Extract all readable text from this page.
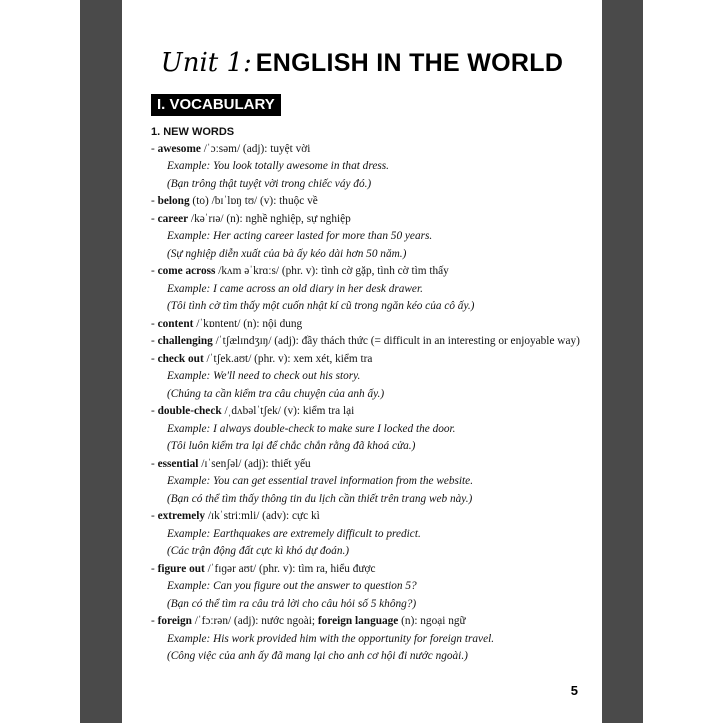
Unit 1: ENGLISH IN THE WORLD
I. VOCABULARY
1. NEW WORDS
- awesome /ˈɔːsəm/ (adj): tuyệt vời
Example: You look totally awesome in that dress.
(Bạn trông thật tuyệt vời trong chiếc váy đó.)
- belong (to) /bɪˈlɒŋ tʊ/ (v): thuộc về
- career /kəˈrɪə/ (n): nghề nghiệp, sự nghiệp
Example: Her acting career lasted for more than 50 years.
(Sự nghiệp diễn xuất của bà ấy kéo dài hơn 50 năm.)
- come across /kʌm əˈkrɑːs/ (phr. v): tình cờ gặp, tình cờ tìm thấy
Example: I came across an old diary in her desk drawer.
(Tôi tình cờ tìm thấy một cuốn nhật kí cũ trong ngăn kéo của cô ấy.)
- content /ˈkɒntent/ (n): nội dung
- challenging /ˈtʃælɪndʒɪŋ/ (adj): đầy thách thức (= difficult in an interesting or enjoyable way)
- check out /ˈtʃek.aʊt/ (phr. v): xem xét, kiểm tra
Example: We'll need to check out his story.
(Chúng ta cần kiểm tra câu chuyện của anh ấy.)
- double-check /ˌdʌbəlˈtʃek/ (v): kiểm tra lại
Example: I always double-check to make sure I locked the door.
(Tôi luôn kiểm tra lại để chắc chắn rằng đã khoá cửa.)
- essential /ɪˈsenʃəl/ (adj): thiết yếu
Example: You can get essential travel information from the website.
(Bạn có thể tìm thấy thông tin du lịch cần thiết trên trang web này.)
- extremely /ɪkˈstriːmli/ (adv): cực kì
Example: Earthquakes are extremely difficult to predict.
(Các trận động đất cực kì khó dự đoán.)
- figure out /ˈfɪɡər aʊt/ (phr. v): tìm ra, hiểu được
Example: Can you figure out the answer to question 5?
(Bạn có thể tìm ra câu trả lời cho câu hỏi số 5 không?)
- foreign /ˈfɔːrən/ (adj): nước ngoài; foreign language (n): ngoại ngữ
Example: His work provided him with the opportunity for foreign travel.
(Công việc của anh ấy đã mang lại cho anh cơ hội đi nước ngoài.)
5
